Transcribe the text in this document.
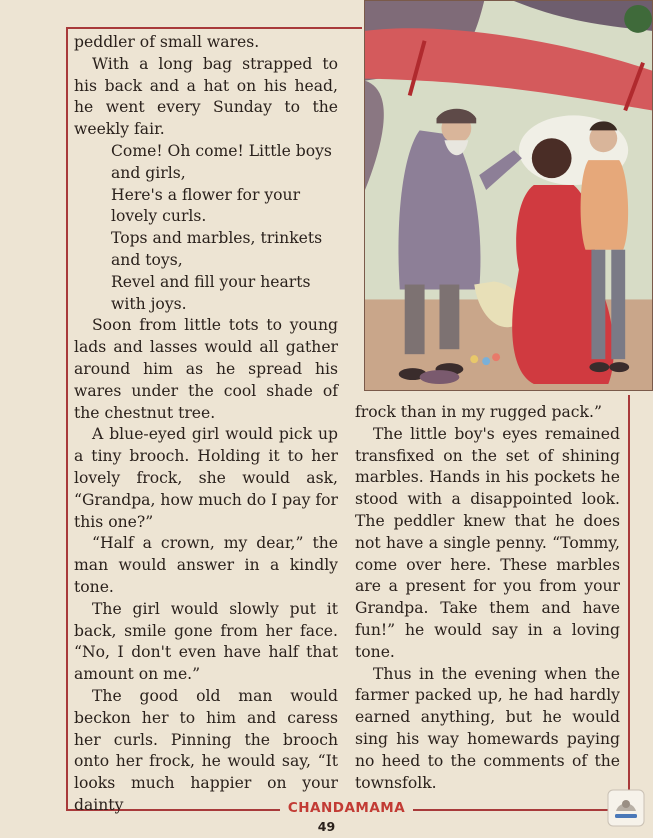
peddler of small wares.

With a long bag strapped to his back and a hat on his head, he went every Sunday to the weekly fair.

Come! Oh come! Little boys
and girls,

Here's a flower for your
lovely curls.

Tops and marbles, trinkets
and toys,

Revel and fill your hearts
with joys.

Soon from little tots to young lads and lasses would all gather around him as he spread his wares under the cool shade of the chestnut tree.

A blue-eyed girl would pick up a tiny brooch. Holding it to her lovely frock, she would ask, “Grandpa, how much do I pay for this one?”

“Half a crown, my dear,” the man would answer in a kindly tone.

The girl would slowly put it back, smile gone from her face. “No, I don't even have half that amount on me.”

The good old man would beckon her to him and caress her curls. Pinning the brooch onto her frock, he would say, “It looks much happier on your dainty

frock than in my rugged pack.”

The little boy's eyes remained transfixed on the set of shining marbles. Hands in his pockets he stood with a disappointed look. The peddler knew that he does not have a single penny. “Tommy, come over here. These marbles are a present for you from your Grandpa. Take them and have fun!” he would say in a loving tone.

Thus in the evening when the farmer packed up, he had hardly earned anything, but he would sing his way homewards paying no heed to the comments of the townsfolk.

CHANDAMAMA
49
